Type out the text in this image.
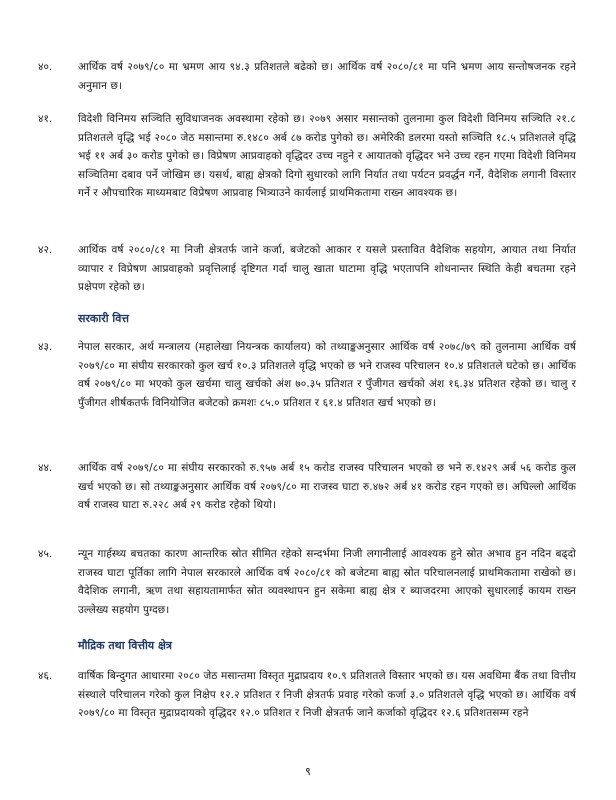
४०.	आर्थिक वर्ष २०७९/८० मा भ्रमण आय ९४.३ प्रतिशतले बढेको छ। आर्थिक वर्ष २०८०/८१ मा पनि भ्रमण आय सन्तोषजनक रहने अनुमान छ।
४१.	विदेशी विनिमय सञ्चिति सुविधाजनक अवस्थामा रहेको छ। २०७९ असार मसान्तको तुलनामा कुल विदेशी विनिमय सञ्चिति २१.८ प्रतिशतले वृद्धि भई २०८० जेठ मसान्तमा रु.१४८० अर्ब ८७ करोड पुगेको छ। अमेरिकी डलरमा यस्तो सञ्चिति १८.५ प्रतिशतले वृद्धि भई ११ अर्ब ३० करोड पुगेको छ। विप्रेषण आप्रवाहको वृद्धिदर उच्च नहुने र आयातको वृद्धिदर भने उच्च रहन गएमा विदेशी विनिमय सञ्चितिमा दबाव पर्ने जोखिम छ। यसर्थ, बाह्य क्षेत्रको दिगो सुधारको लागि निर्यात तथा पर्यटन प्रवर्द्धन गर्ने, वैदेशिक लगानी विस्तार गर्ने र औपचारिक माध्यमबाट विप्रेषण आप्रवाह भित्र्याउने कार्यलाई प्राथमिकतामा राख्न आवश्यक छ।
४२.	आर्थिक वर्ष २०८०/८१ मा निजी क्षेत्रतर्फ जाने कर्जा, बजेटको आकार र यसले प्रस्तावित वैदेशिक सहयोग, आयात तथा निर्यात व्यापार र विप्रेषण आप्रवाहको प्रवृत्तिलाई दृष्टिगत गर्दा चालु खाता घाटामा वृद्धि भएतापनि शोधनान्तर स्थिति केही बचतमा रहने प्रक्षेपण रहेको छ।
सरकारी वित्त
४३.	नेपाल सरकार, अर्थ मन्त्रालय (महालेखा नियन्त्रक कार्यालय) को तथ्याङ्कअनुसार आर्थिक वर्ष २०७८/७९ को तुलनामा आर्थिक वर्ष २०७९/८० मा संघीय सरकारको कुल खर्च १०.३ प्रतिशतले वृद्धि भएको छ भने राजस्व परिचालन १०.४ प्रतिशतले घटेको छ। आर्थिक वर्ष २०७९/८० मा भएको कुल खर्चमा चालु खर्चको अंश ७०.३५ प्रतिशत र पुँजीगत खर्चको अंश १६.३४ प्रतिशत रहेको छ। चालु र पुँजीगत शीर्षकतर्फ विनियोजित बजेटको क्रमशः ८५.० प्रतिशत र ६१.४ प्रतिशत खर्च भएको छ।
४४.	आर्थिक वर्ष २०७९/८० मा संघीय सरकारको रु.९५७ अर्ब १५ करोड राजस्व परिचालन भएको छ भने रु.१४२९ अर्ब ५६ करोड कुल खर्च भएको छ। सो तथ्याङ्कअनुसार आर्थिक वर्ष २०७९/८० मा राजस्व घाटा रु.४७२ अर्ब ४१ करोड रहन गएको छ। अघिल्लो आर्थिक वर्ष राजस्व घाटा रु.२२८ अर्ब २९ करोड रहेको थियो।
४५.	न्यून गार्हस्थ्य बचतका कारण आन्तरिक स्रोत सीमित रहेको सन्दर्भमा निजी लगानीलाई आवश्यक हुने स्रोत अभाव हुन नदिन बढ्दो राजस्व घाटा पूर्तिका लागि नेपाल सरकारले आर्थिक वर्ष २०८०/८१ को बजेटमा बाह्य स्रोत परिचालनलाई प्राथमिकतामा राखेको छ। वैदेशिक लगानी, ऋण तथा सहायतामार्फत स्रोत व्यवस्थापन हुन सकेमा बाह्य क्षेत्र र ब्याजदरमा आएको सुधारलाई कायम राख्न उल्लेख्य सहयोग पुग्दछ।
मौद्रिक तथा वित्तीय क्षेत्र
४६.	वार्षिक बिन्दुगत आधारमा २०८० जेठ मसान्तमा विस्तृत मुद्राप्रदाय १०.९ प्रतिशतले विस्तार भएको छ। यस अवधिमा बैंक तथा वित्तीय संस्थाले परिचालन गरेको कुल निक्षेप १२.२ प्रतिशत र निजी क्षेत्रतर्फ प्रवाह गरेको कर्जा ३.० प्रतिशतले वृद्धि भएको छ। आर्थिक वर्ष २०७९/८० मा विस्तृत मुद्राप्रदायको वृद्धिदर १२.० प्रतिशत र निजी क्षेत्रतर्फ जाने कर्जाको वृद्धिदर १२.६ प्रतिशतसम्म रहने
९
